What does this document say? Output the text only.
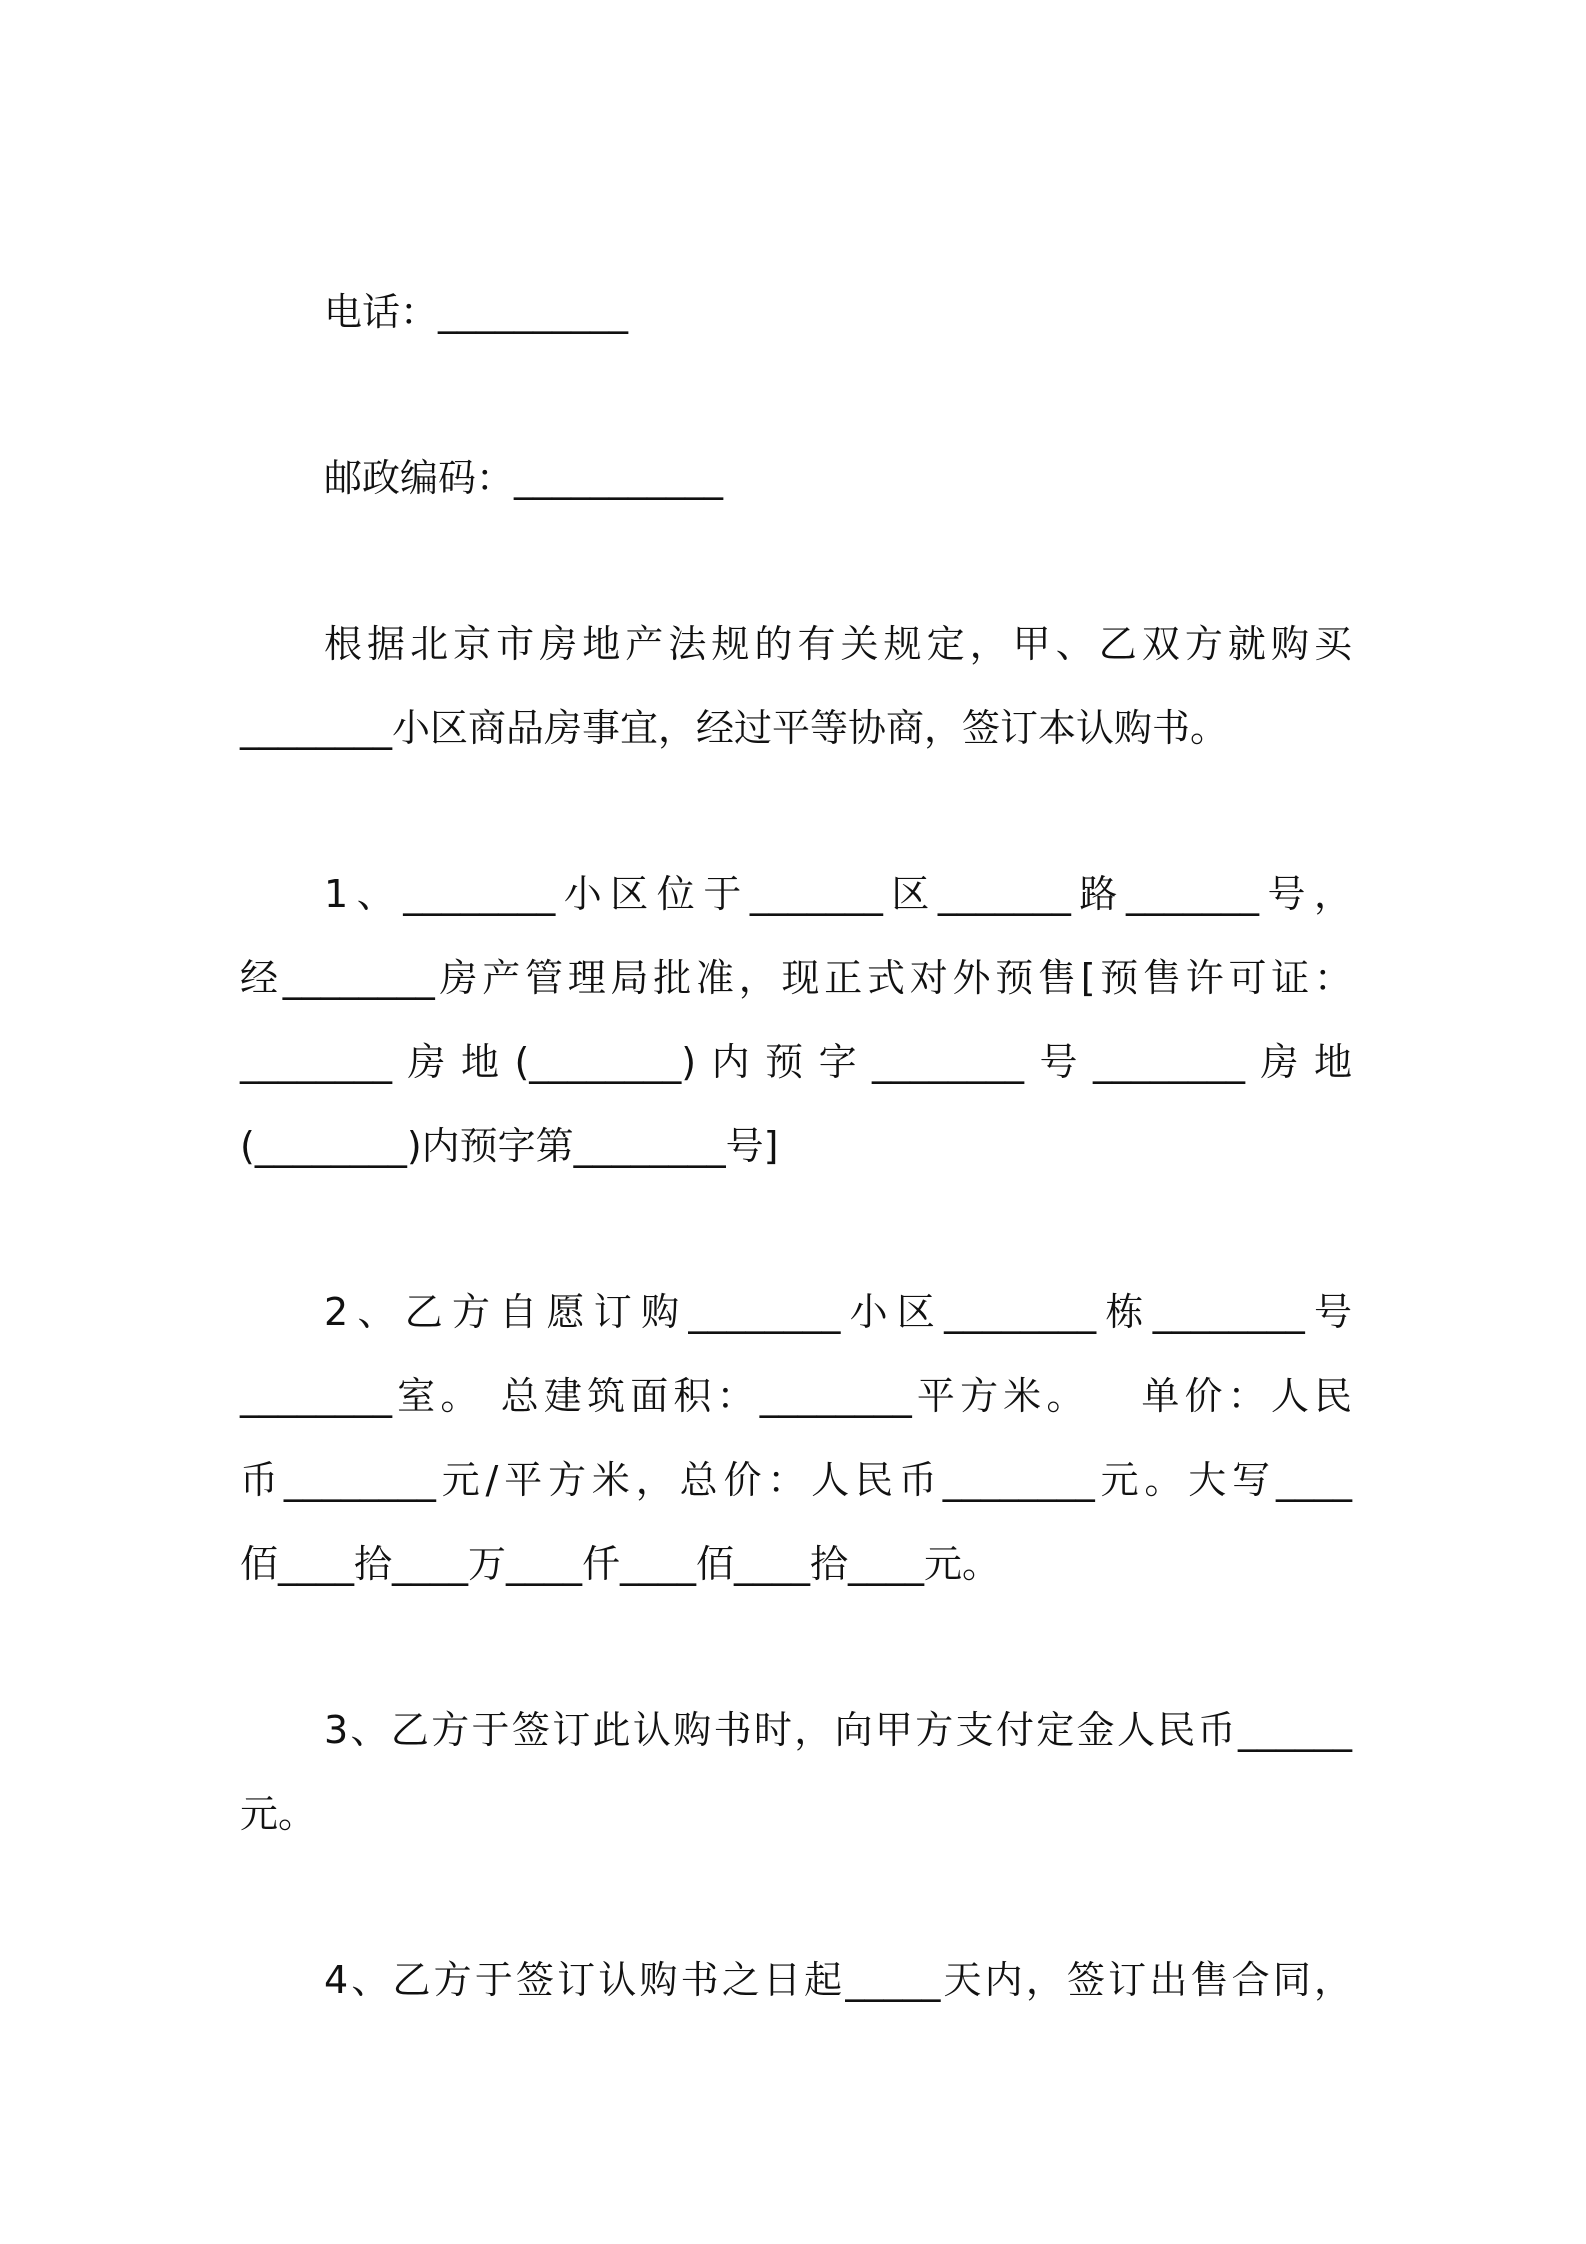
电话：__________
邮政编码：___________
根据北京市房地产法规的有关规定，甲、乙双方就购买
________小区商品房事宜，经过平等协商，签订本认购书。
1、________小区位于_______区_______路_______号，
经________房产管理局批准，现正式对外预售[预售许可证：
________房地(________)内预字________号________房地
(________)内预字第________号]
2、乙方自愿订购________小区________栋________号
________室。 总建筑面积：________平方米。   单价：人民
币________元/平方米，总价：人民币________元。大写____
佰____拾____万____仟____佰____拾____元。
3、乙方于签订此认购书时，向甲方支付定金人民币______
元。
4、乙方于签订认购书之日起_____天内，签订出售合同，
